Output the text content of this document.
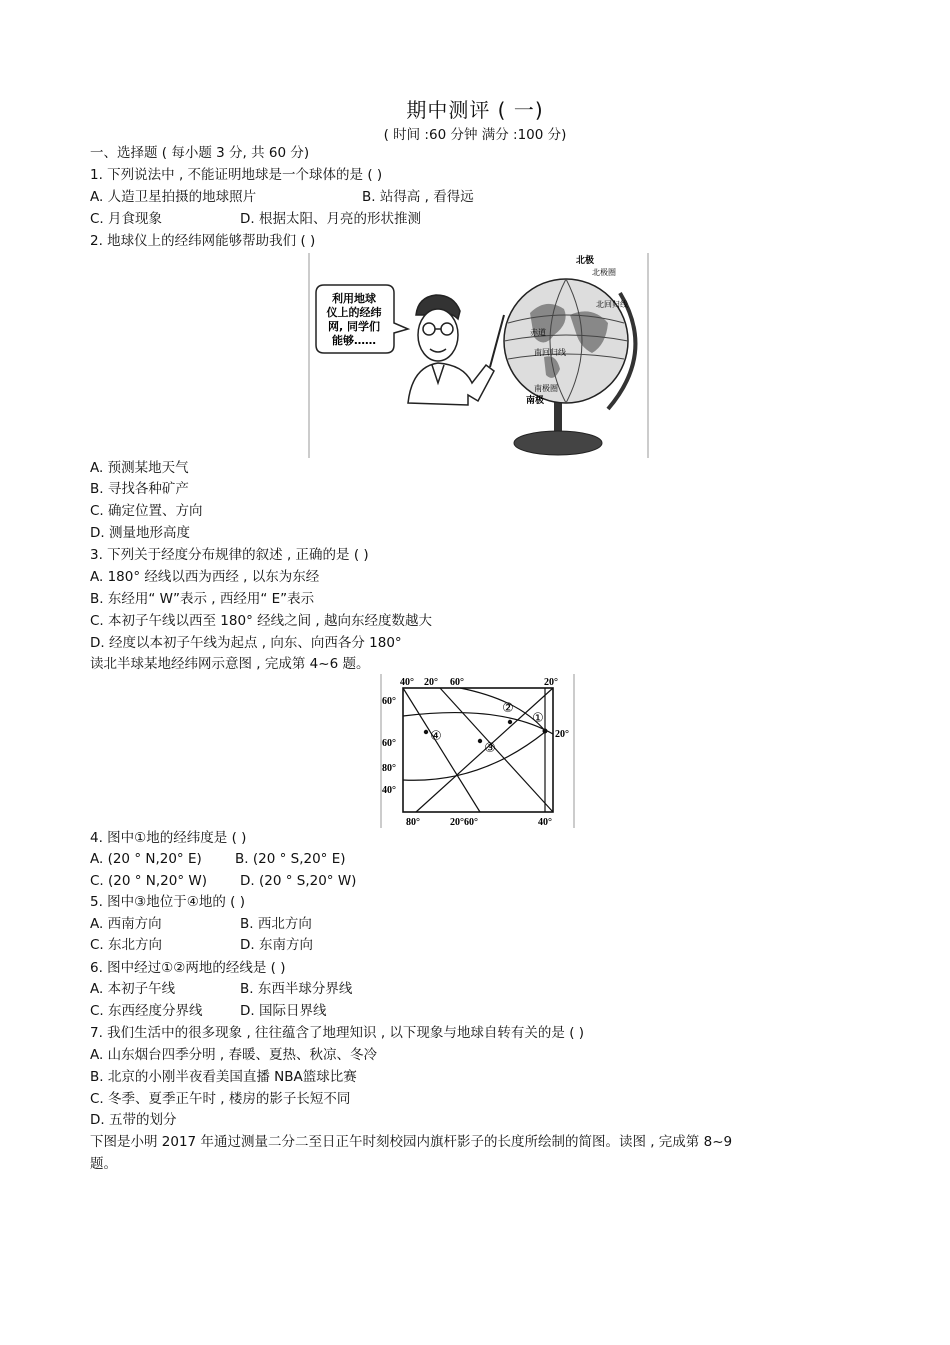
期中测评 ( 一)
( 时间 :60 分钟 满分 :100 分)
一、选择题 ( 每小题 3 分, 共 60 分)
1. 下列说法中 , 不能证明地球是一个球体的是 ( )
A. 人造卫星拍摄的地球照片	B. 站得高 , 看得远
C. 月食现象	D. 根据太阳、月亮的形状推测
2. 地球仪上的经纬网能够帮助我们 ( )
利用地球
仪上的经纬
网, 同学们
能够……
北极
北极圈
北回归线
赤道
南回归线
南极圈
南极
A. 预测某地天气
B. 寻找各种矿产
C. 确定位置、方向
D. 测量地形高度
3. 下列关于经度分布规律的叙述 , 正确的是 ( )
A. 180° 经线以西为西经 , 以东为东经
B. 东经用“ W”表示 , 西经用“ E”表示
C. 本初子午线以西至 180° 经线之间 , 越向东经度数越大
D. 经度以本初子午线为起点 , 向东、向西各分 180°
读北半球某地经纬网示意图 , 完成第 4~6 题。
①
②
③
④
40° 20° 60°	20°
60°
60°
80°
40°
20°
80°	20°60°	40°
4. 图中①地的经纬度是 ( )
A. (20 ° N,20° E) B. (20 ° S,20° E)
C. (20 ° N,20° W) D. (20 ° S,20° W)
5. 图中③地位于④地的 ( )
A. 西南方向	B. 西北方向
C. 东北方向	D. 东南方向
6. 图中经过①②两地的经线是 ( )
A. 本初子午线	B. 东西半球分界线
C. 东西经度分界线	D. 国际日界线
7. 我们生活中的很多现象 , 往往蕴含了地理知识 , 以下现象与地球自转有关的是 ( )
A. 山东烟台四季分明 , 春暖、夏热、秋凉、冬冷
B. 北京的小刚半夜看美国直播 NBA篮球比赛
C. 冬季、夏季正午时 , 楼房的影子长短不同
D. 五带的划分
下图是小明 2017 年通过测量二分二至日正午时刻校园内旗杆影子的长度所绘制的简图。读图 , 完成第 8~9
题。
